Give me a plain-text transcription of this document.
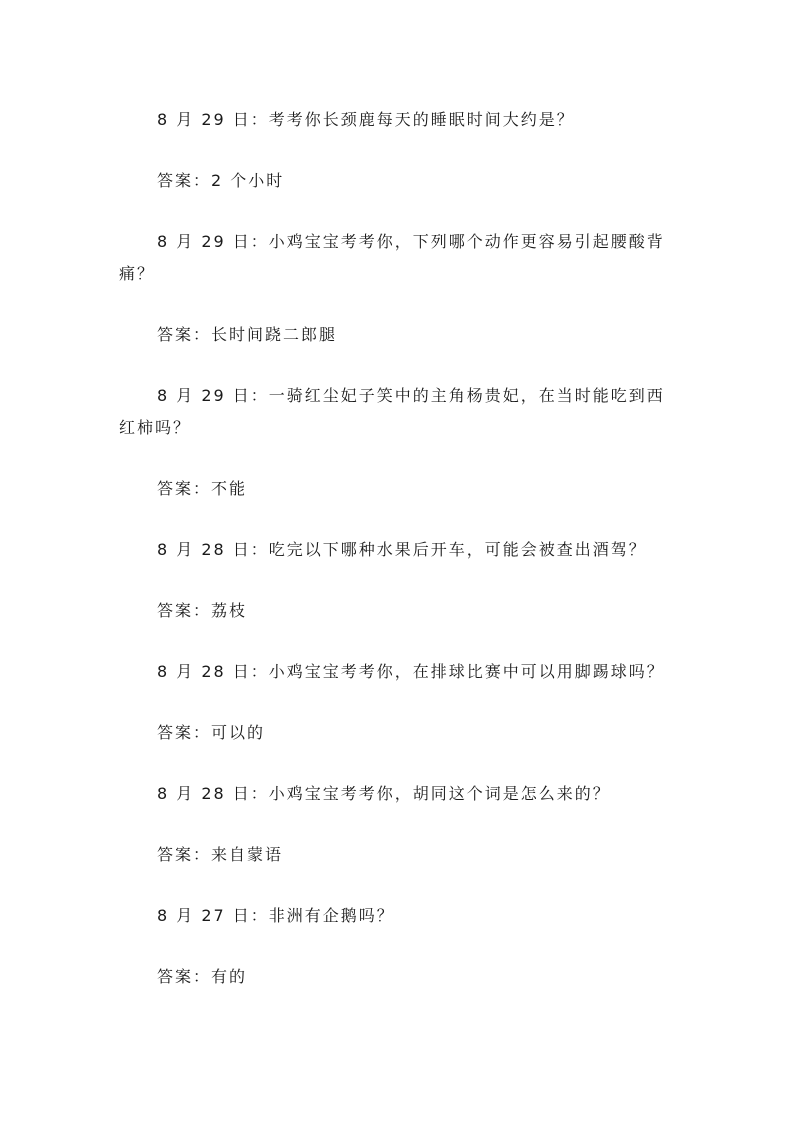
8 月 29 日：考考你长颈鹿每天的睡眠时间大约是？

答案：2 个小时

8 月 29 日：小鸡宝宝考考你，下列哪个动作更容易引起腰酸背痛？

答案：长时间跷二郎腿

8 月 29 日：一骑红尘妃子笑中的主角杨贵妃，在当时能吃到西红柿吗？

答案：不能

8 月 28 日：吃完以下哪种水果后开车，可能会被查出酒驾？

答案：荔枝

8 月 28 日：小鸡宝宝考考你，在排球比赛中可以用脚踢球吗？

答案：可以的

8 月 28 日：小鸡宝宝考考你，胡同这个词是怎么来的？

答案：来自蒙语

8 月 27 日：非洲有企鹅吗？

答案：有的
